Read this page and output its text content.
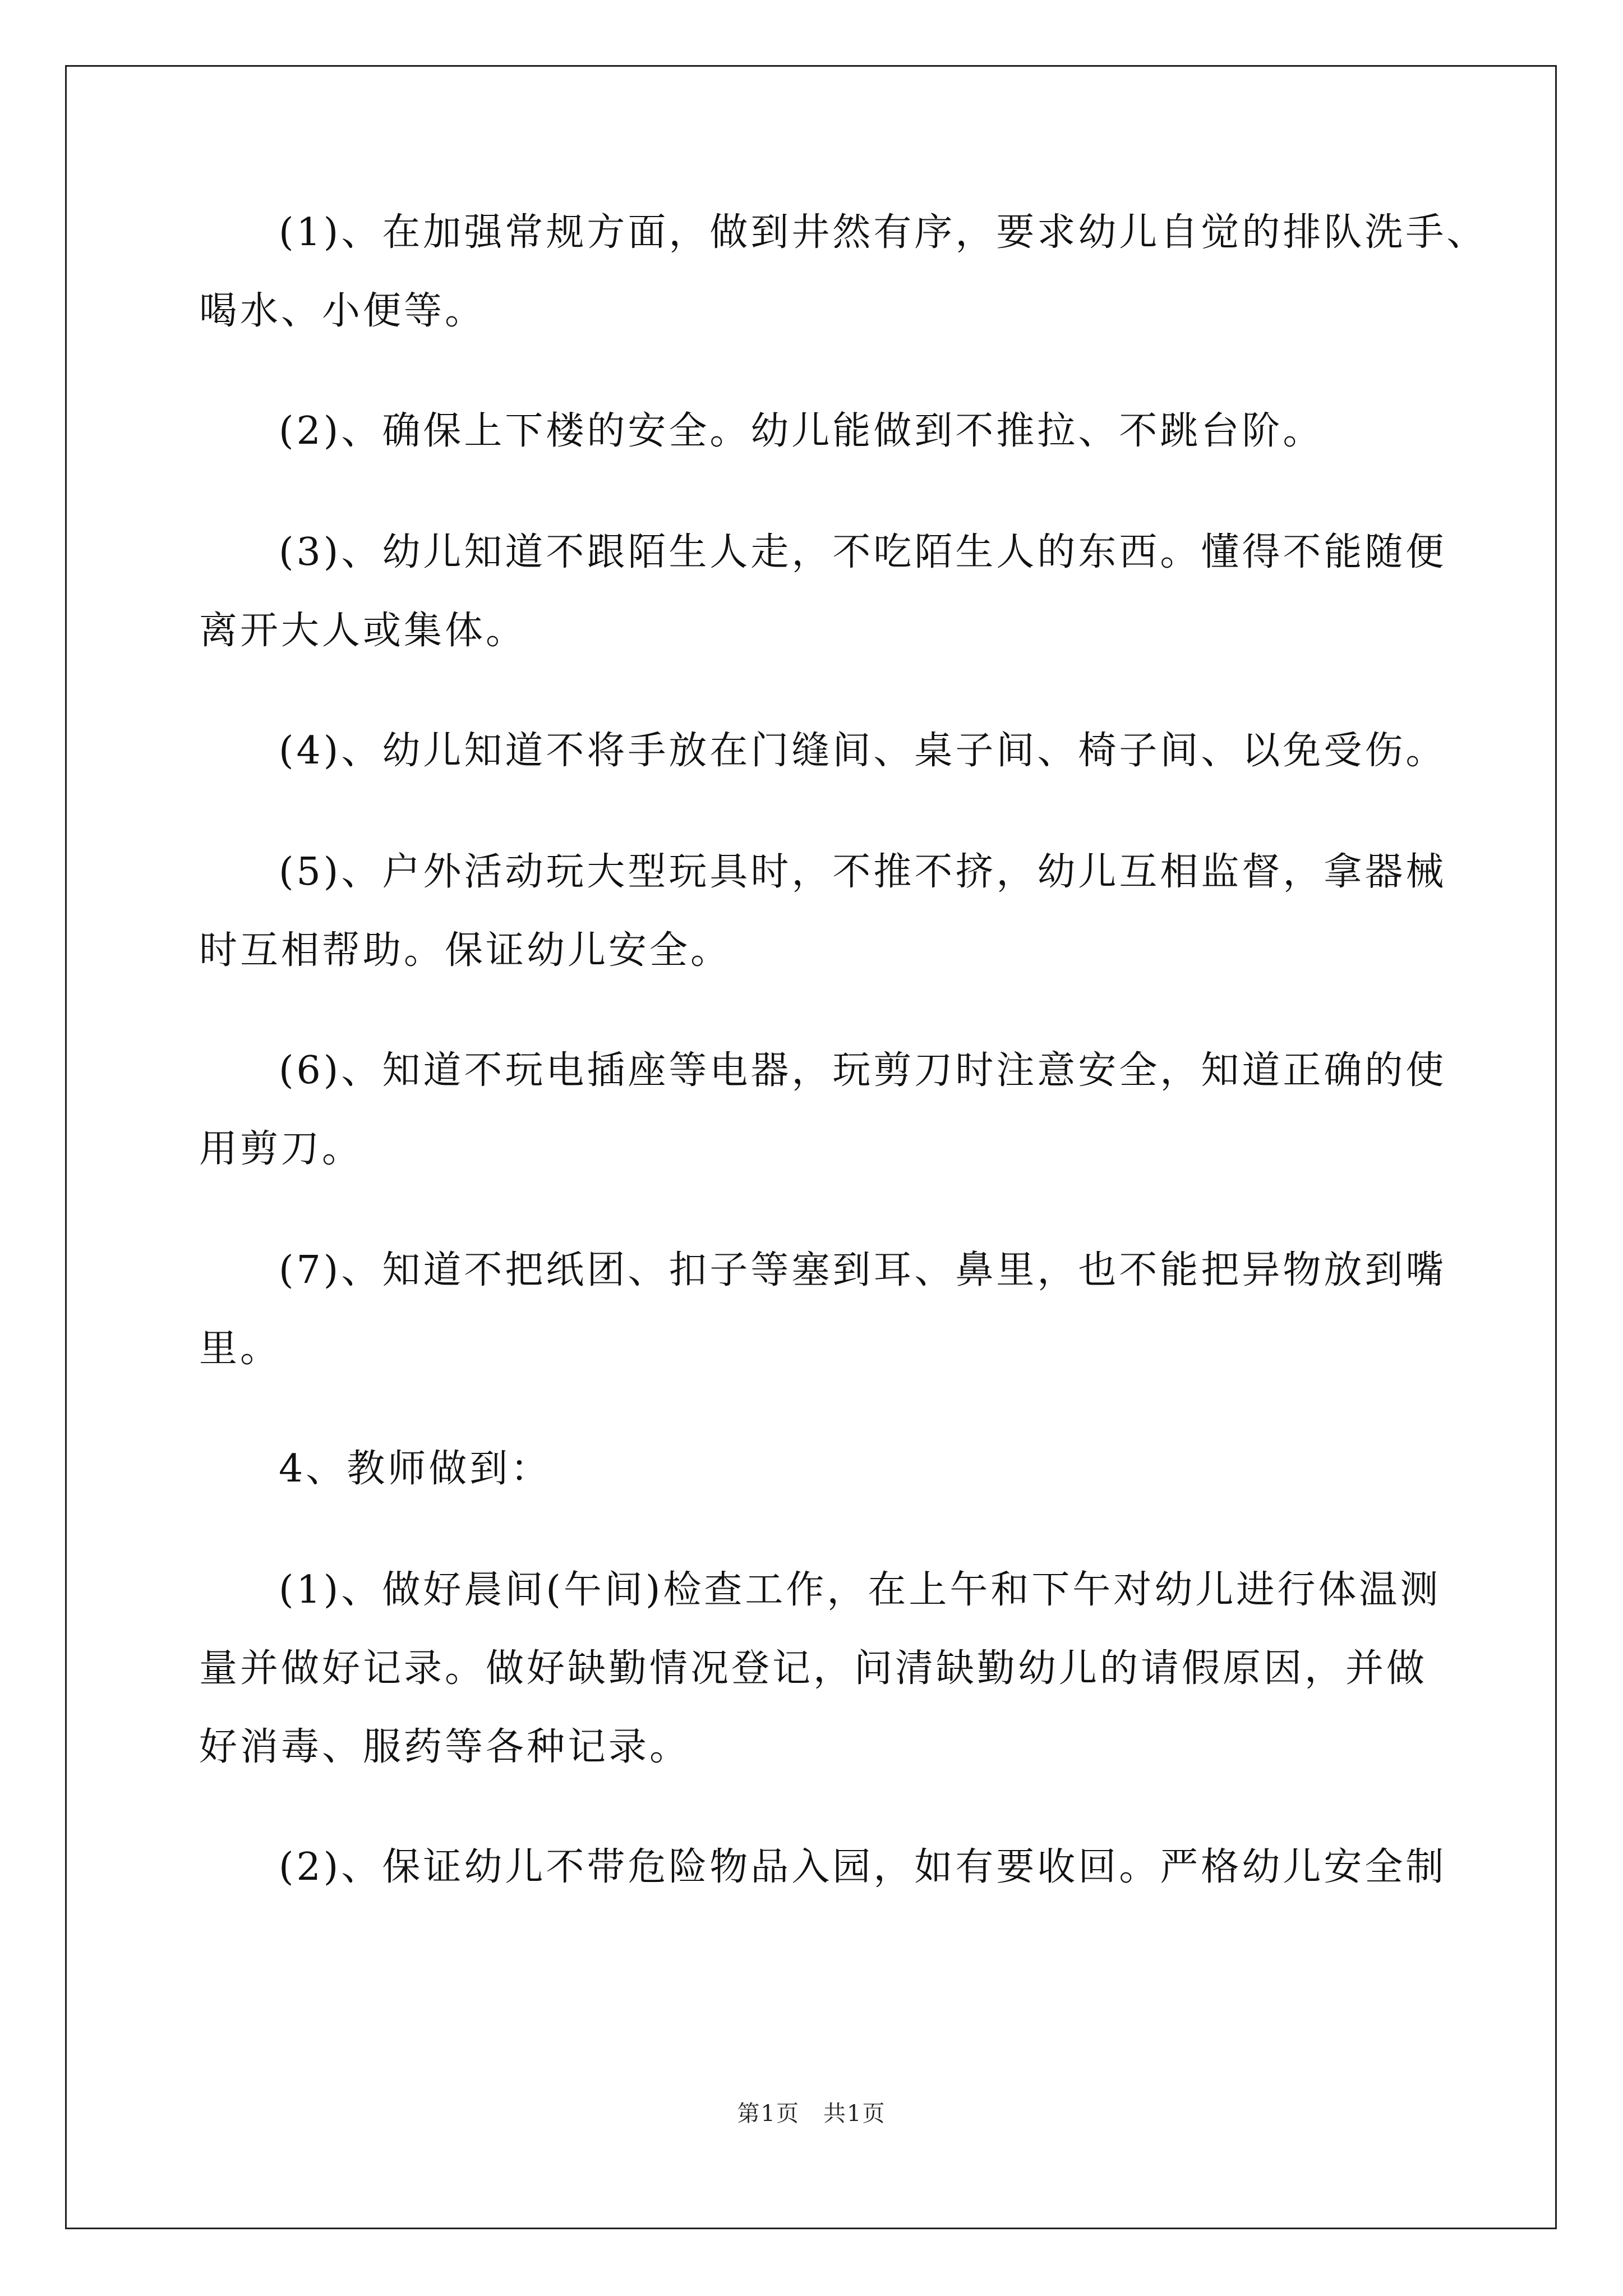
(1)、在加强常规方面，做到井然有序，要求幼儿自觉的排队洗手、
喝水、小便等。
(2)、确保上下楼的安全。幼儿能做到不推拉、不跳台阶。
(3)、幼儿知道不跟陌生人走，不吃陌生人的东西。懂得不能随便
离开大人或集体。
(4)、幼儿知道不将手放在门缝间、桌子间、椅子间、以免受伤。
(5)、户外活动玩大型玩具时，不推不挤，幼儿互相监督，拿器械
时互相帮助。保证幼儿安全。
(6)、知道不玩电插座等电器，玩剪刀时注意安全，知道正确的使
用剪刀。
(7)、知道不把纸团、扣子等塞到耳、鼻里，也不能把异物放到嘴
里。
4、教师做到：
(1)、做好晨间(午间)检查工作，在上午和下午对幼儿进行体温测
量并做好记录。做好缺勤情况登记，问清缺勤幼儿的请假原因，并做
好消毒、服药等各种记录。
(2)、保证幼儿不带危险物品入园，如有要收回。严格幼儿安全制
第1页　共1页
